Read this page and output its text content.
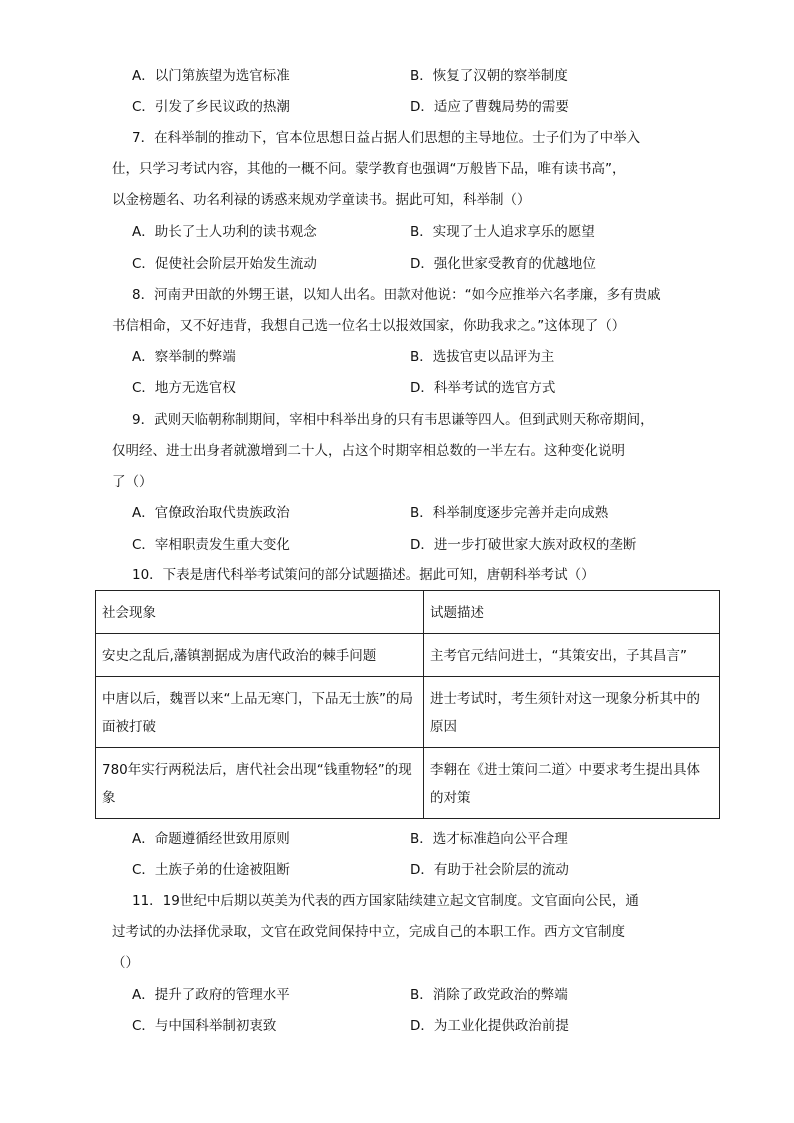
A．以门第族望为选官标准	B．恢复了汉朝的察举制度
C．引发了乡民议政的热潮	D．适应了曹魏局势的需要
7．在科举制的推动下，官本位思想日益占据人们思想的主导地位。士子们为了中举入
仕，只学习考试内容，其他的一概不问。蒙学教育也强调“万般皆下品，唯有读书高”，
以金榜题名、功名利禄的诱惑来规劝学童读书。据此可知，科举制（）
A．助长了士人功利的读书观念	B．实现了士人追求享乐的愿望
C．促使社会阶层开始发生流动	D．强化世家受教育的优越地位
8．河南尹田歆的外甥王谌，以知人出名。田款对他说：“如今应推举六名孝廉，多有贵戚
书信相命，又不好违背，我想自己选一位名士以报效国家，你助我求之。”这体现了（）
A．察举制的弊端	B．选拔官吏以品评为主
C．地方无选官权	D．科举考试的选官方式
9．武则天临朝称制期间，宰相中科举出身的只有韦思谦等四人。但到武则天称帝期间，
仅明经、进士出身者就激增到二十人，占这个时期宰相总数的一半左右。这种变化说明
了（）
A．官僚政治取代贵族政治	B．科举制度逐步完善并走向成熟
C．宰相职责发生重大变化	D．进一步打破世家大族对政权的垄断
10．下表是唐代科举考试策问的部分试题描述。据此可知，唐朝科举考试（）
社会现象	试题描述
安史之乱后,藩镇割据成为唐代政治的棘手问题	主考官元结问进士，“其策安出，子其昌言”
中唐以后，魏晋以来“上品无寒门，下品无士族”的局面被打破	进士考试时，考生须针对这一现象分析其中的原因
780年实行两税法后，唐代社会出现“钱重物轻”的现象	李翱在《进士策问二道〉中要求考生提出具体的对策
A．命题遵循经世致用原则	B．选才标准趋向公平合理
C．土族子弟的仕途被阻断	D．有助于社会阶层的流动
11．19世纪中后期以英美为代表的西方国家陆续建立起文官制度。文官面向公民，通
过考试的办法择优录取，文官在政党间保持中立，完成自己的本职工作。西方文官制度
（）
A．提升了政府的管理水平	B．消除了政党政治的弊端
C．与中国科举制初衷致	D．为工业化提供政治前提
